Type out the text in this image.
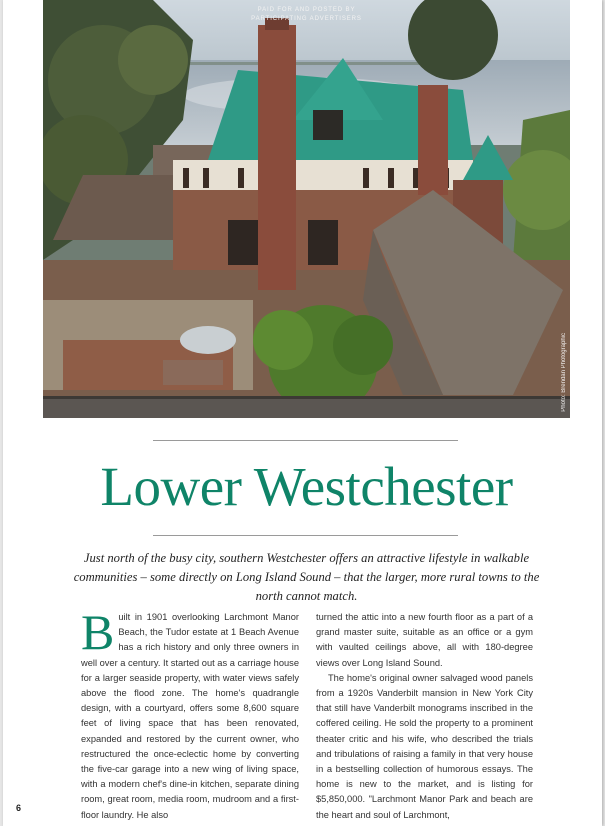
PAID FOR AND POSTED BY
PARTICIPATING ADVERTISERS
Photo: Brendan Photographic
Lower Westchester
Just north of the busy city, southern Westchester offers an attractive lifestyle in walkable communities – some directly on Long Island Sound – that the larger, more rural towns to the north cannot match.

Built in 1901 overlooking Larchmont Manor Beach, the Tudor estate at 1 Beach Avenue has a rich history and only three owners in well over a century. It started out as a carriage house for a larger seaside property, with water views safely above the flood zone. The home's quadrangle design, with a courtyard, offers some 8,600 square feet of living space that has been renovated, expanded and restored by the current owner, who restructured the once-eclectic home by converting the five-car garage into a new wing of living space, with a modern chef's dine-in kitchen, separate dining room, great room, media room, mudroom and a first-floor laundry. He also

turned the attic into a new fourth floor as a part of a grand master suite, suitable as an office or a gym with vaulted ceilings above, all with 180-degree views over Long Island Sound.

The home's original owner salvaged wood panels from a 1920s Vanderbilt mansion in New York City that still have Vanderbilt monograms inscribed in the coffered ceiling. He sold the property to a prominent theater critic and his wife, who described the trials and tribulations of raising a family in that very house in a bestselling collection of humorous essays. The home is new to the market, and is listing for $5,850,000. "Larchmont Manor Park and beach are the heart and soul of Larchmont,

6
